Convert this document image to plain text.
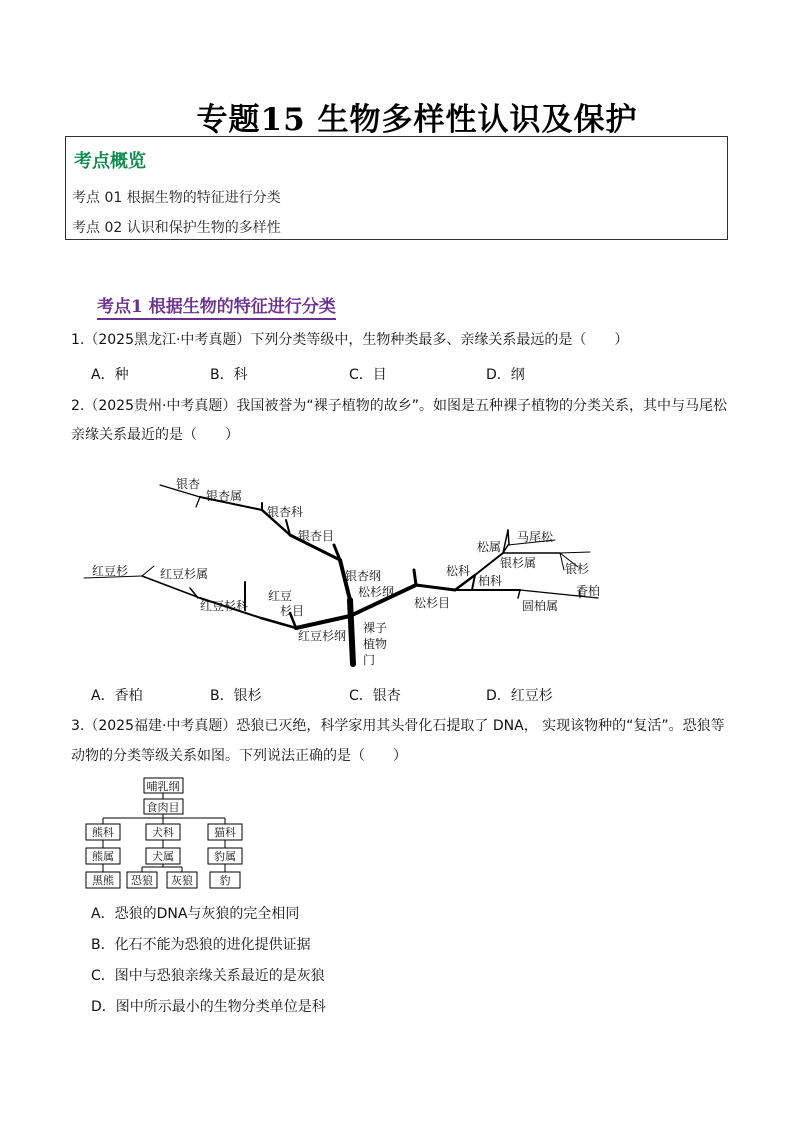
专题15 生物多样性认识及保护
考点概览
考点 01 根据生物的特征进行分类
考点 02 认识和保护生物的多样性
考点1 根据生物的特征进行分类
1.（2025黑龙江·中考真题）下列分类等级中，生物种类最多、亲缘关系最远的是（　　）
A．种	B．科	C．目	D．纲
2.（2025贵州·中考真题）我国被誉为“裸子植物的故乡”。如图是五种裸子植物的分类关系，其中与马尾松
亲缘关系最近的是（　　）
银杏
银杏属
银杏科
银杏目
银杏纲
松杉纲
红豆杉	红豆杉属
红豆杉科
红豆
杉目
红豆杉纲
裸子
植物
门
松杉目
松科
松属
马尾松
银杉属 银杉
柏科
圆柏属
香柏
哺乳纲
食肉目
熊科	犬科	猫科
熊属	犬属	豹属
黑熊 恐狼 灰狼 豹
A．香柏	B．银杉	C．银杏	D．红豆杉
3.（2025福建·中考真题）恐狼已灭绝，科学家用其头骨化石提取了 DNA， 实现该物种的“复活”。恐狼等
动物的分类等级关系如图。下列说法正确的是（　　）
A．恐狼的DNA与灰狼的完全相同
B．化石不能为恐狼的进化提供证据
C．图中与恐狼亲缘关系最近的是灰狼
D．图中所示最小的生物分类单位是科
